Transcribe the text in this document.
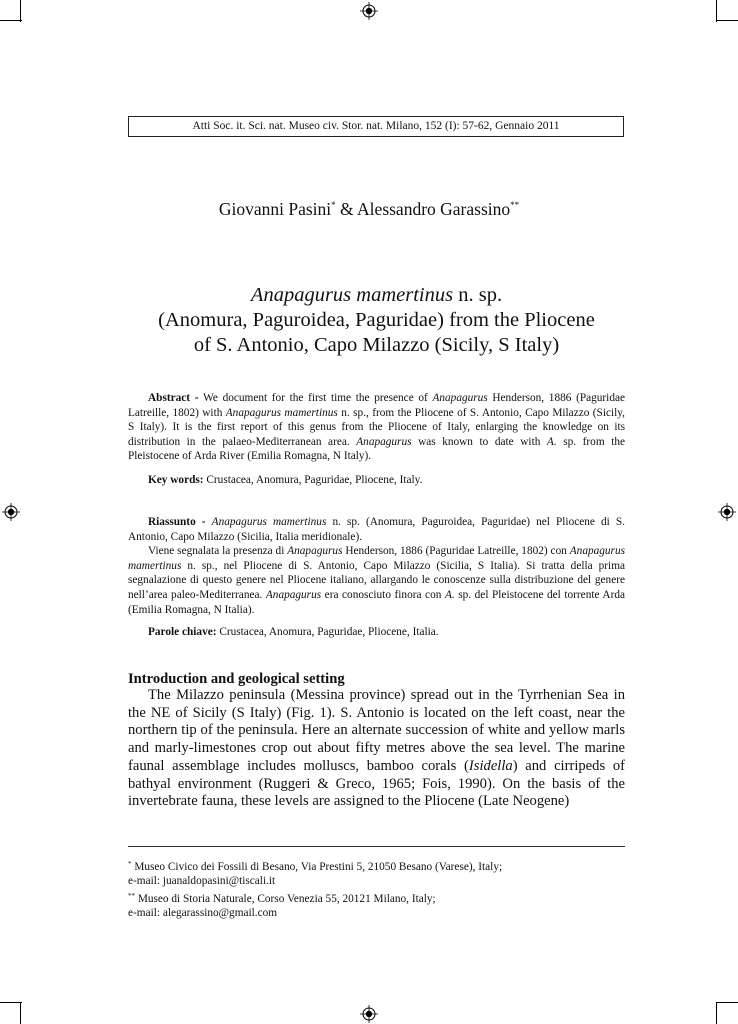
Atti Soc. it. Sci. nat. Museo civ. Stor. nat. Milano, 152 (I): 57-62, Gennaio 2011
Giovanni Pasini* & Alessandro Garassino**
Anapagurus mamertinus n. sp.
(Anomura, Paguroidea, Paguridae) from the Pliocene
of S. Antonio, Capo Milazzo (Sicily, S Italy)

Abstract - We document for the first time the presence of Anapagurus Henderson, 1886 (Paguridae Latreille, 1802) with Anapagurus mamertinus n. sp., from the Pliocene of S. Antonio, Capo Milazzo (Sicily, S Italy). It is the first report of this genus from the Pliocene of Italy, enlarging the knowledge on its distribution in the palaeo-Mediterranean area. Anapagurus was known to date with A. sp. from the Pleistocene of Arda River (Emilia Romagna, N Italy).

Key words: Crustacea, Anomura, Paguridae, Pliocene, Italy.

Riassunto - Anapagurus mamertinus n. sp. (Anomura, Paguroidea, Paguridae) nel Pliocene di S. Antonio, Capo Milazzo (Sicilia, Italia meridionale).

Viene segnalata la presenza di Anapagurus Henderson, 1886 (Paguridae Latreille, 1802) con Anapagurus mamertinus n. sp., nel Pliocene di S. Antonio, Capo Milazzo (Sicilia, S Italia). Si tratta della prima segnalazione di questo genere nel Pliocene italiano, allargando le conoscenze sulla distribuzione del genere nell’area paleo-Mediterranea. Anapagurus era conosciuto finora con A. sp. del Pleistocene del torrente Arda (Emilia Romagna, N Italia).

Parole chiave: Crustacea, Anomura, Paguridae, Pliocene, Italia.

Introduction and geological setting

The Milazzo peninsula (Messina province) spread out in the Tyrrhenian Sea in the NE of Sicily (S Italy) (Fig. 1). S. Antonio is located on the left coast, near the northern tip of the peninsula. Here an alternate succession of white and yellow marls and marly-limestones crop out about fifty metres above the sea level. The marine faunal assemblage includes molluscs, bamboo corals (Isidella) and cirripeds of bathyal environment (Ruggeri & Greco, 1965; Fois, 1990). On the basis of the invertebrate fauna, these levels are assigned to the Pliocene (Late Neogene)

* Museo Civico dei Fossili di Besano, Via Prestini 5, 21050 Besano (Varese), Italy;
e-mail: juanaldopasini@tiscali.it
** Museo di Storia Naturale, Corso Venezia 55, 20121 Milano, Italy;
e-mail: alegarassino@gmail.com
